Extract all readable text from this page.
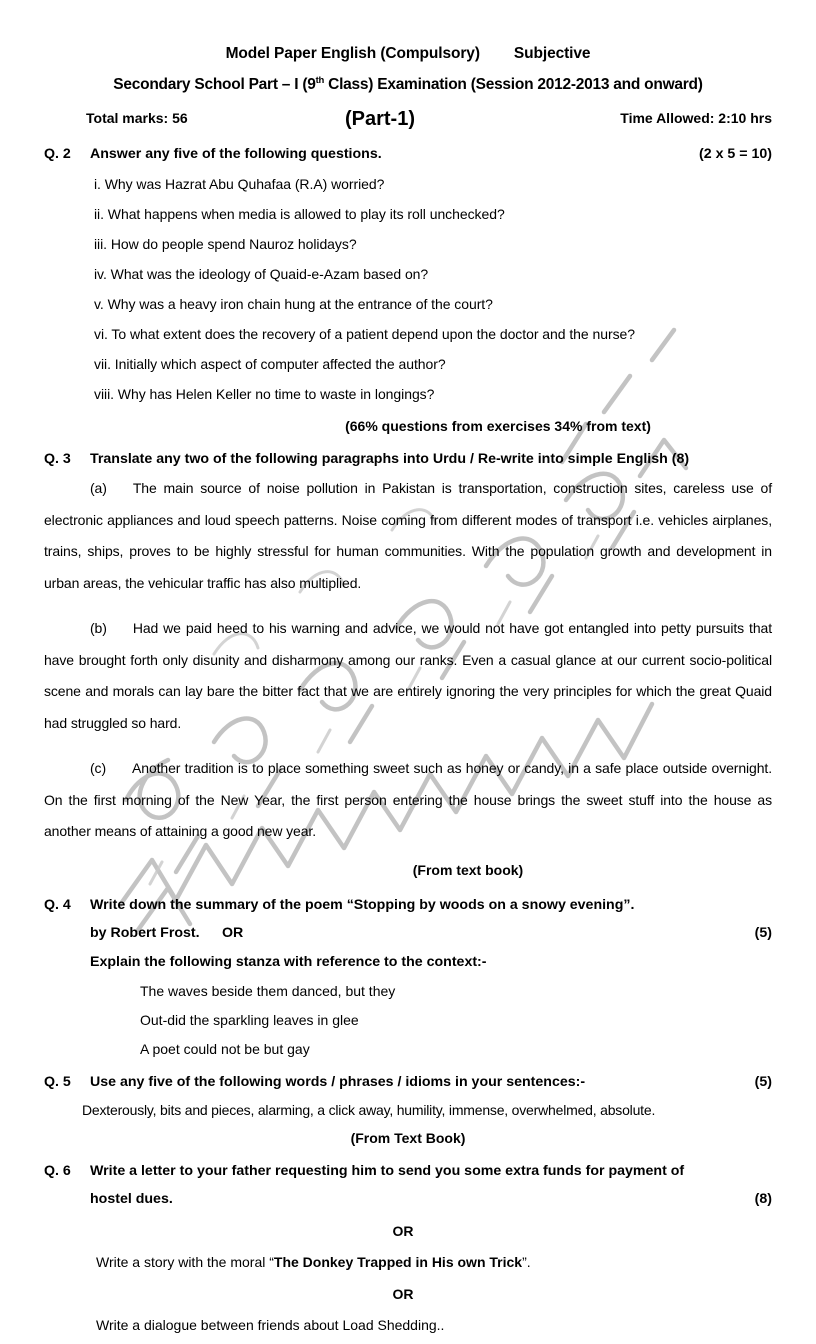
Model Paper English (Compulsory) Subjective
Secondary School Part – I (9th Class) Examination (Session 2012-2013 and onward)
Total marks: 56	(Part-1)	Time Allowed: 2:10 hrs
Q. 2	Answer any five of the following questions.	(2 x 5 = 10)
i. Why was Hazrat Abu Quhafaa (R.A) worried?
ii. What happens when media is allowed to play its roll unchecked?
iii. How do people spend Nauroz holidays?
iv. What was the ideology of Quaid-e-Azam based on?
v. Why was a heavy iron chain hung at the entrance of the court?
vi. To what extent does the recovery of a patient depend upon the doctor and the nurse?
vii. Initially which aspect of computer affected the author?
viii. Why has Helen Keller no time to waste in longings?
(66% questions from exercises 34% from text)
Q. 3	Translate any two of the following paragraphs into Urdu / Re-write into simple English (8)

(a) The main source of noise pollution in Pakistan is transportation, construction sites, careless use of electronic appliances and loud speech patterns. Noise coming from different modes of transport i.e. vehicles airplanes, trains, ships, proves to be highly stressful for human communities. With the population growth and development in urban areas, the vehicular traffic has also multiplied.

(b) Had we paid heed to his warning and advice, we would not have got entangled into petty pursuits that have brought forth only disunity and disharmony among our ranks. Even a casual glance at our current socio-political scene and morals can lay bare the bitter fact that we are entirely ignoring the very principles for which the great Quaid had struggled so hard.

(c) Another tradition is to place something sweet such as honey or candy, in a safe place outside overnight. On the first morning of the New Year, the first person entering the house brings the sweet stuff into the house as another means of attaining a good new year.

(From text book)
Q. 4	Write down the summary of the poem “Stopping by woods on a snowy evening”.
by Robert Frost.	OR	(5)
Explain the following stanza with reference to the context:-
The waves beside them danced, but they
Out-did the sparkling leaves in glee
A poet could not be but gay
Q. 5	Use any five of the following words / phrases / idioms in your sentences:-	(5)
Dexterously, bits and pieces, alarming, a click away, humility, immense, overwhelmed, absolute.
(From Text Book)
Q. 6	Write a letter to your father requesting him to send you some extra funds for payment of
hostel dues.	(8)
OR
Write a story with the moral “The Donkey Trapped in His own Trick”.
OR
Write a dialogue between friends about Load Shedding..
